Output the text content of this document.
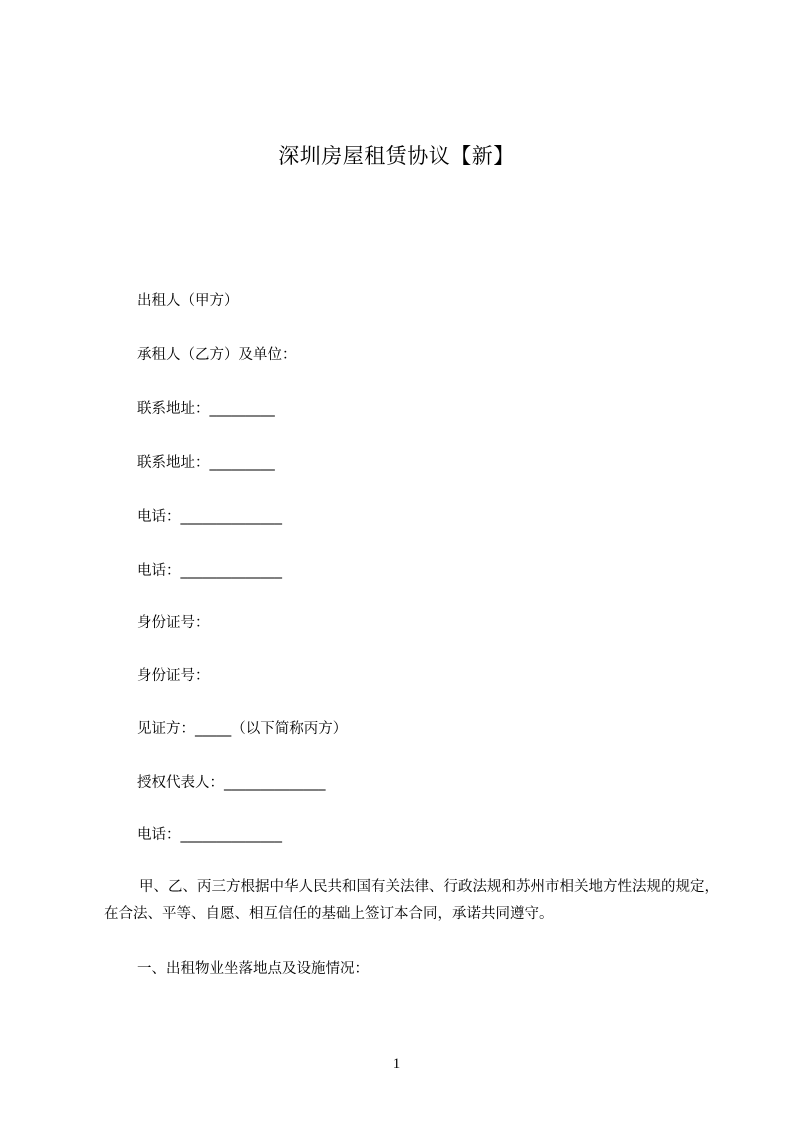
深圳房屋租赁协议【新】
出租人（甲方）
承租人（乙方）及单位：
联系地址：_________
联系地址：_________
电话：______________
电话：______________
身份证号：
身份证号：
见证方：_____（以下简称丙方）
授权代表人：______________
电话：______________
甲、乙、丙三方根据中华人民共和国有关法律、行政法规和苏州市相关地方性法规的规定，在合法、平等、自愿、相互信任的基础上签订本合同，承诺共同遵守。
一、出租物业坐落地点及设施情况：
1
